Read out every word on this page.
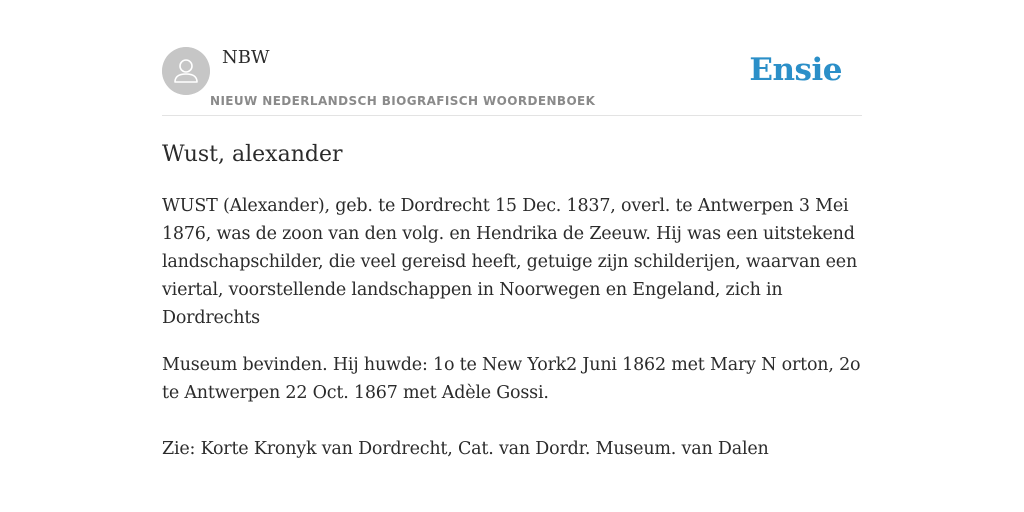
NBW
NIEUW NEDERLANDSCH BIOGRAFISCH WOORDENBOEK
Ensie
Wust, alexander

WUST (Alexander), geb. te Dordrecht 15 Dec. 1837, overl. te Antwerpen 3 Mei 1876, was de zoon van den volg. en Hendrika de Zeeuw. Hij was een uitstekend landschapschilder, die veel gereisd heeft, getuige zijn schilderijen, waarvan een viertal, voorstellende landschappen in Noorwegen en Engeland, zich in Dordrechts

Museum bevinden. Hij huwde: 1o te New York2 Juni 1862 met Mary N orton, 2o te Antwerpen 22 Oct. 1867 met Adèle Gossi.

Zie: Korte Kronyk van Dordrecht, Cat. van Dordr. Museum. van Dalen
